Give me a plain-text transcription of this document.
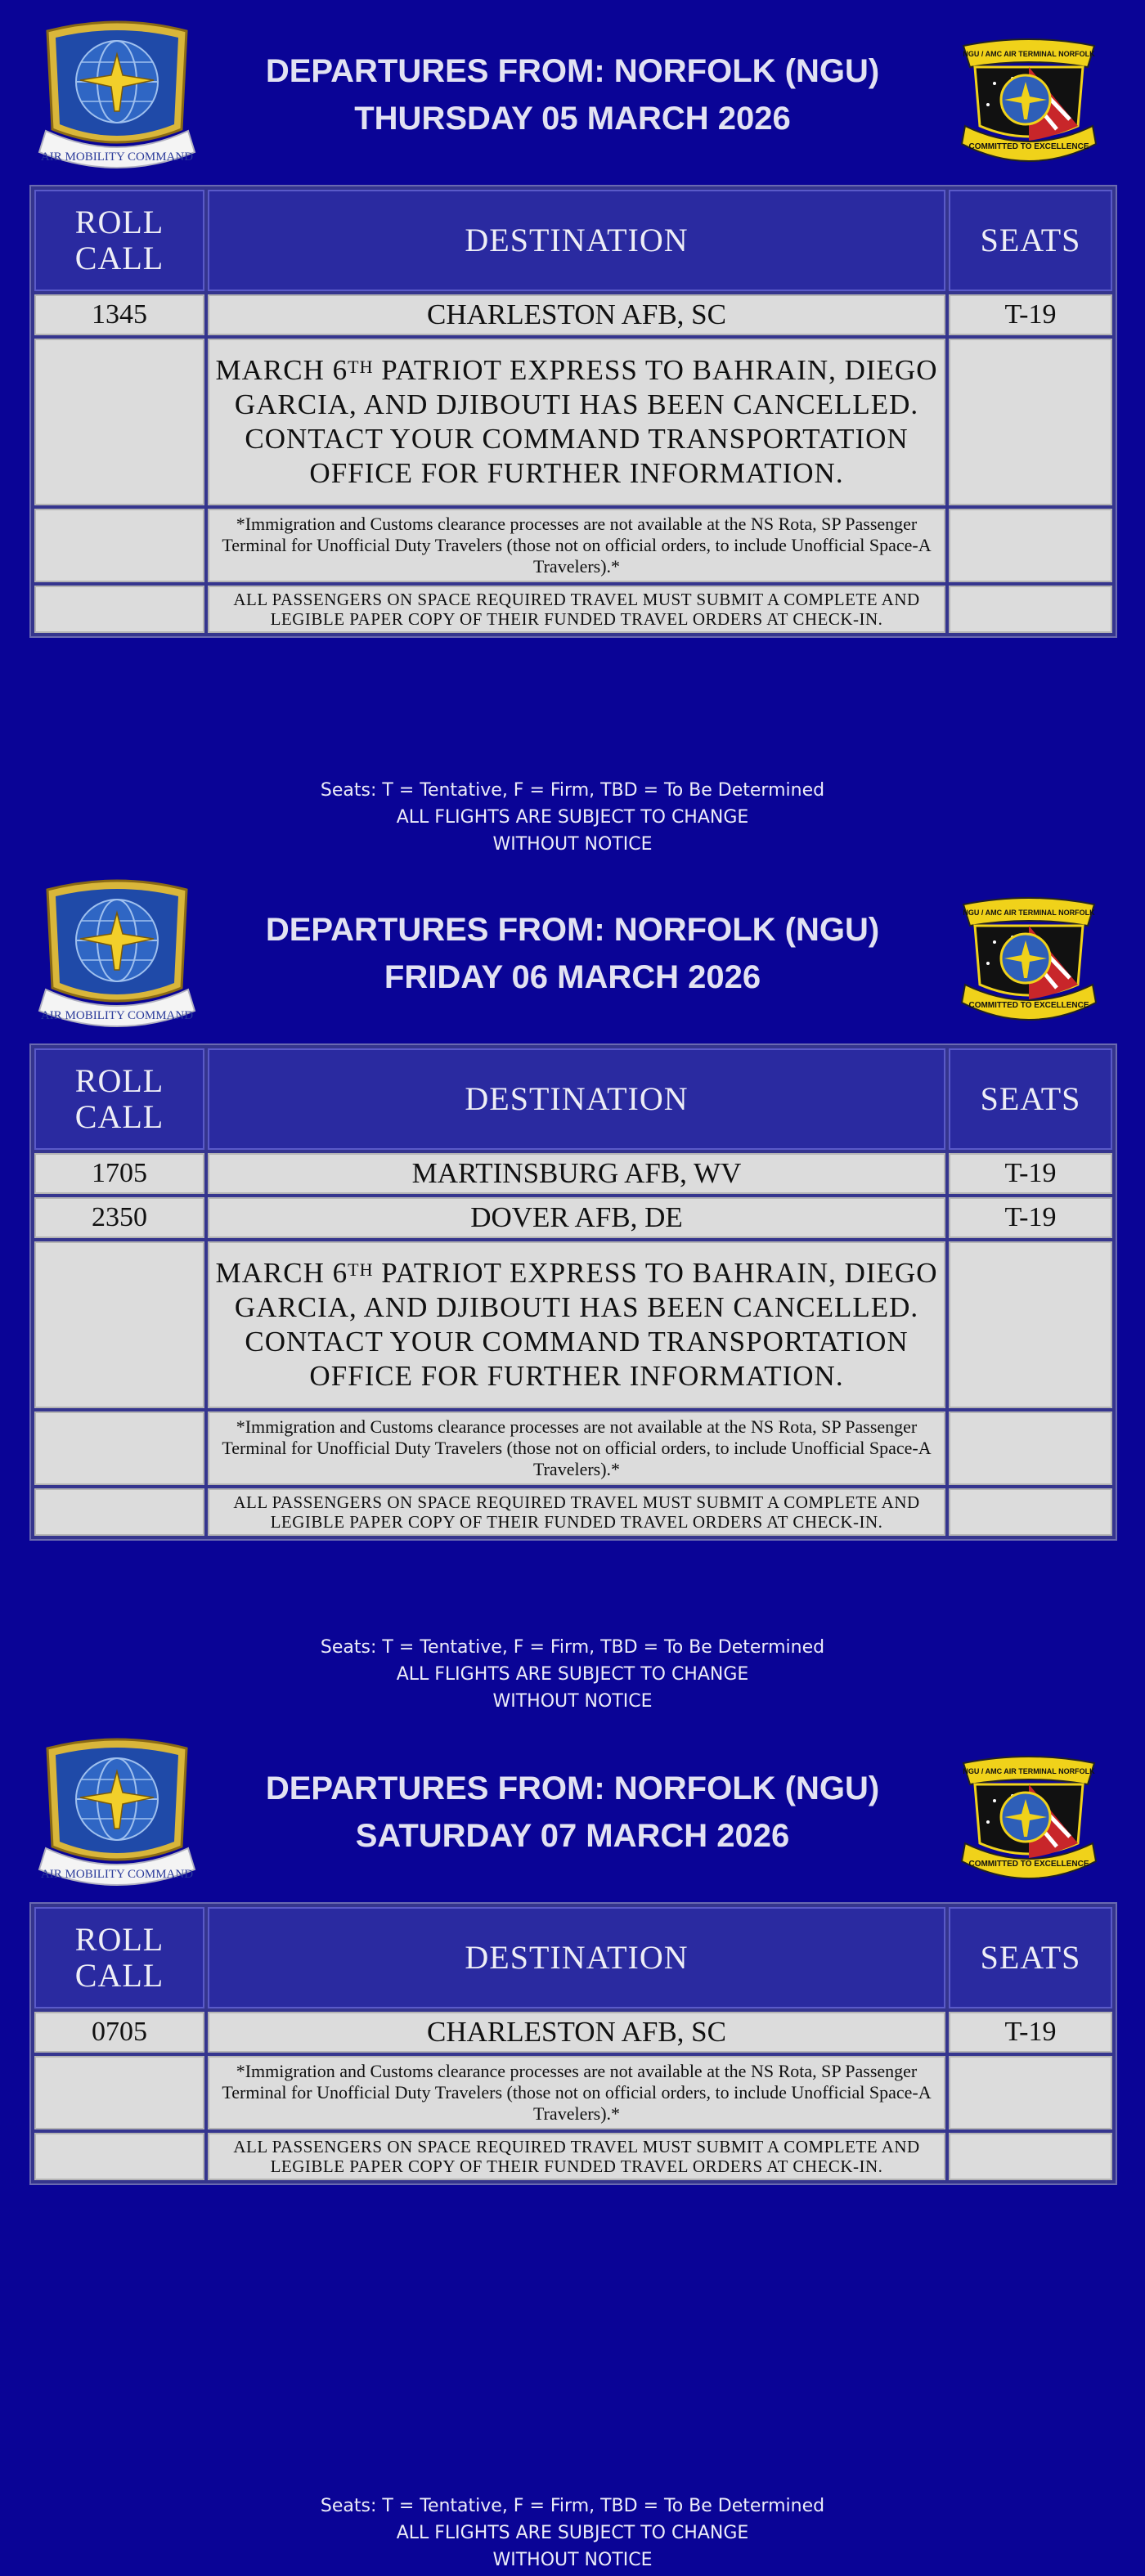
AIR MOBILITY COMMAND
DEPARTURES FROM: NORFOLK (NGU)
THURSDAY 05 MARCH 2026
NGU / AMC AIR TERMINAL NORFOLK
COMMITTED TO EXCELLENCE
ROLL
CALL	DESTINATION	SEATS
1345	CHARLESTON AFB, SC	T-19
	MARCH 6TH PATRIOT EXPRESS TO BAHRAIN, DIEGO GARCIA, AND DJIBOUTI HAS BEEN CANCELLED. CONTACT YOUR COMMAND TRANSPORTATION OFFICE FOR FURTHER INFORMATION.	
	*Immigration and Customs clearance processes are not available at the NS Rota, SP Passenger Terminal for Unofficial Duty Travelers (those not on official orders, to include Unofficial Space-A Travelers).*	
	ALL PASSENGERS ON SPACE REQUIRED TRAVEL MUST SUBMIT A COMPLETE AND LEGIBLE PAPER COPY OF THEIR FUNDED TRAVEL ORDERS AT CHECK-IN.	
Seats: T = Tentative, F = Firm, TBD = To Be Determined
ALL FLIGHTS ARE SUBJECT TO CHANGE
WITHOUT NOTICE
AIR MOBILITY COMMAND
DEPARTURES FROM: NORFOLK (NGU)
FRIDAY 06 MARCH 2026
NGU / AMC AIR TERMINAL NORFOLK
COMMITTED TO EXCELLENCE
ROLL
CALL	DESTINATION	SEATS
1705	MARTINSBURG AFB, WV	T-19
2350	DOVER AFB, DE	T-19
	MARCH 6TH PATRIOT EXPRESS TO BAHRAIN, DIEGO GARCIA, AND DJIBOUTI HAS BEEN CANCELLED. CONTACT YOUR COMMAND TRANSPORTATION OFFICE FOR FURTHER INFORMATION.	
	*Immigration and Customs clearance processes are not available at the NS Rota, SP Passenger Terminal for Unofficial Duty Travelers (those not on official orders, to include Unofficial Space-A Travelers).*	
	ALL PASSENGERS ON SPACE REQUIRED TRAVEL MUST SUBMIT A COMPLETE AND LEGIBLE PAPER COPY OF THEIR FUNDED TRAVEL ORDERS AT CHECK-IN.	
Seats: T = Tentative, F = Firm, TBD = To Be Determined
ALL FLIGHTS ARE SUBJECT TO CHANGE
WITHOUT NOTICE
AIR MOBILITY COMMAND
DEPARTURES FROM: NORFOLK (NGU)
SATURDAY 07 MARCH 2026
NGU / AMC AIR TERMINAL NORFOLK
COMMITTED TO EXCELLENCE
ROLL
CALL	DESTINATION	SEATS
0705	CHARLESTON AFB, SC	T-19
	*Immigration and Customs clearance processes are not available at the NS Rota, SP Passenger Terminal for Unofficial Duty Travelers (those not on official orders, to include Unofficial Space-A Travelers).*	
	ALL PASSENGERS ON SPACE REQUIRED TRAVEL MUST SUBMIT A COMPLETE AND LEGIBLE PAPER COPY OF THEIR FUNDED TRAVEL ORDERS AT CHECK-IN.	
Seats: T = Tentative, F = Firm, TBD = To Be Determined
ALL FLIGHTS ARE SUBJECT TO CHANGE
WITHOUT NOTICE
